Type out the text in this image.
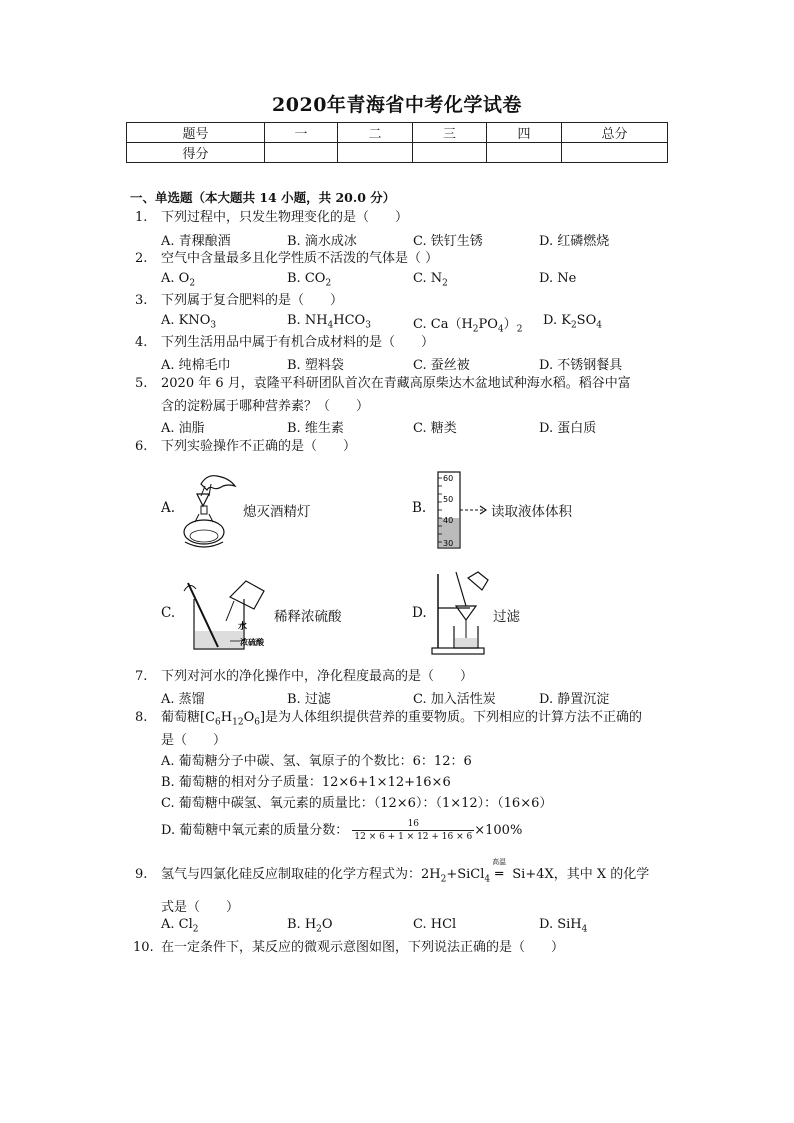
2020年青海省中考化学试卷
题号	一	二	三	四	总分
得分					
一、单选题（本大题共 14 小题，共 20.0 分）
1.	下列过程中，只发生物理变化的是（　　）
A. 青稞酿酒	B. 滴水成冰	C. 铁钉生锈	D. 红磷燃烧
2.	空气中含量最多且化学性质不活泼的气体是（ ）
A. $O_2$	B. $CO_2$	C. $N_2$	D. Ne
3.	下列属于复合肥料的是（　　）
A. $KNO_3$	B. $NH_4HCO_3$	C. $Ca(H_2PO_4)_2$
D. $K_2SO_4$
4.	下列生活用品中属于有机合成材料的是（　　）
A. 纯棉毛巾	B. 塑料袋	C. 蚕丝被	D. 不锈钢餐具
5.	2020 年 6 月，袁隆平科研团队首次在青藏高原柴达木盆地试种海水稻。稻谷中富
含的淀粉属于哪种营养素？（　　）
A. 油脂	B. 维生素	C. 糖类	D. 蛋白质
6.	下列实验操作不正确的是（　　）
A.	熄灭酒精灯	B.
60
50
40
30
读取液体体积
C.
水
浓硫酸
稀释浓硫酸	D.	过滤
7.	下列对河水的净化操作中，净化程度最高的是（　　）
A. 蒸馏	B. 过滤	C. 加入活性炭	D. 静置沉淀
8.	葡萄糖$[C_6H_{12}O_6]$是为人体组织提供营养的重要物质。下列相应的计算方法不正确的
是（　　）
A. 葡萄糖分子中碳、氢、氧原子的个数比：6：12：6
B. 葡萄糖的相对分子质量：12×6+1×12+16×6
C. 葡萄糖中碳氢、氧元素的质量比：（12×6）：（1×12）：（16×6）
D. 葡萄糖中氧元素的质量分数： $\frac{16}{12 \times 6 + 1 \times 12 + 16 \times 6} \times 100\%$
9.	氢气与四氯化硅反应制取硅的化学方程式为：$2H_2+SiCl_4$
高温
═ Si+4X，其中 X 的化学
式是（　　）
A. $Cl_2$	B. $H_2O$	C. HCl	D. SiH$_4$
10. 在一定条件下，某反应的微观示意图如图，下列说法正确的是（　　）
